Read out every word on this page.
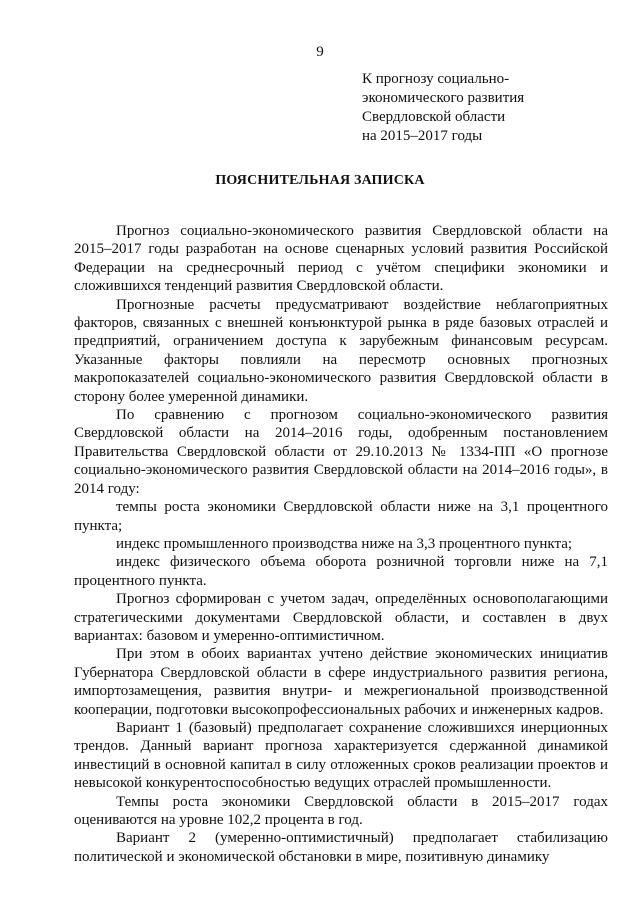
9
К прогнозу социально-
экономического развития
Свердловской области
на 2015–2017 годы
ПОЯСНИТЕЛЬНАЯ ЗАПИСКА

Прогноз социально-экономического развития Свердловской области на 2015–2017 годы разработан на основе сценарных условий развития Российской Федерации на среднесрочный период с учётом специфики экономики и сложившихся тенденций развития Свердловской области.

Прогнозные расчеты предусматривают воздействие неблагоприятных факторов, связанных с внешней конъюнктурой рынка в ряде базовых отраслей и предприятий, ограничением доступа к зарубежным финансовым ресурсам. Указанные факторы повлияли на пересмотр основных прогнозных макропоказателей социально-экономического развития Свердловской области в сторону более умеренной динамики.

По сравнению с прогнозом социально-экономического развития Свердловской области на 2014–2016 годы, одобренным постановлением Правительства Свердловской области от 29.10.2013 № 1334-ПП «О прогнозе социально-экономического развития Свердловской области на 2014–2016 годы», в 2014 году:

темпы роста экономики Свердловской области ниже на 3,1 процентного пункта;

индекс промышленного производства ниже на 3,3 процентного пункта;

индекс физического объема оборота розничной торговли ниже на 7,1 процентного пункта.

Прогноз сформирован с учетом задач, определённых основополагающими стратегическими документами Свердловской области, и составлен в двух вариантах: базовом и умеренно-оптимистичном.

При этом в обоих вариантах учтено действие экономических инициатив Губернатора Свердловской области в сфере индустриального развития региона, импортозамещения, развития внутри- и межрегиональной производственной кооперации, подготовки высокопрофессиональных рабочих и инженерных кадров.

Вариант 1 (базовый) предполагает сохранение сложившихся инерционных трендов. Данный вариант прогноза характеризуется сдержанной динамикой инвестиций в основной капитал в силу отложенных сроков реализации проектов и невысокой конкурентоспособностью ведущих отраслей промышленности.

Темпы роста экономики Свердловской области в 2015–2017 годах оцениваются на уровне 102,2 процента в год.

Вариант 2 (умеренно-оптимистичный) предполагает стабилизацию политической и экономической обстановки в мире, позитивную динамику
